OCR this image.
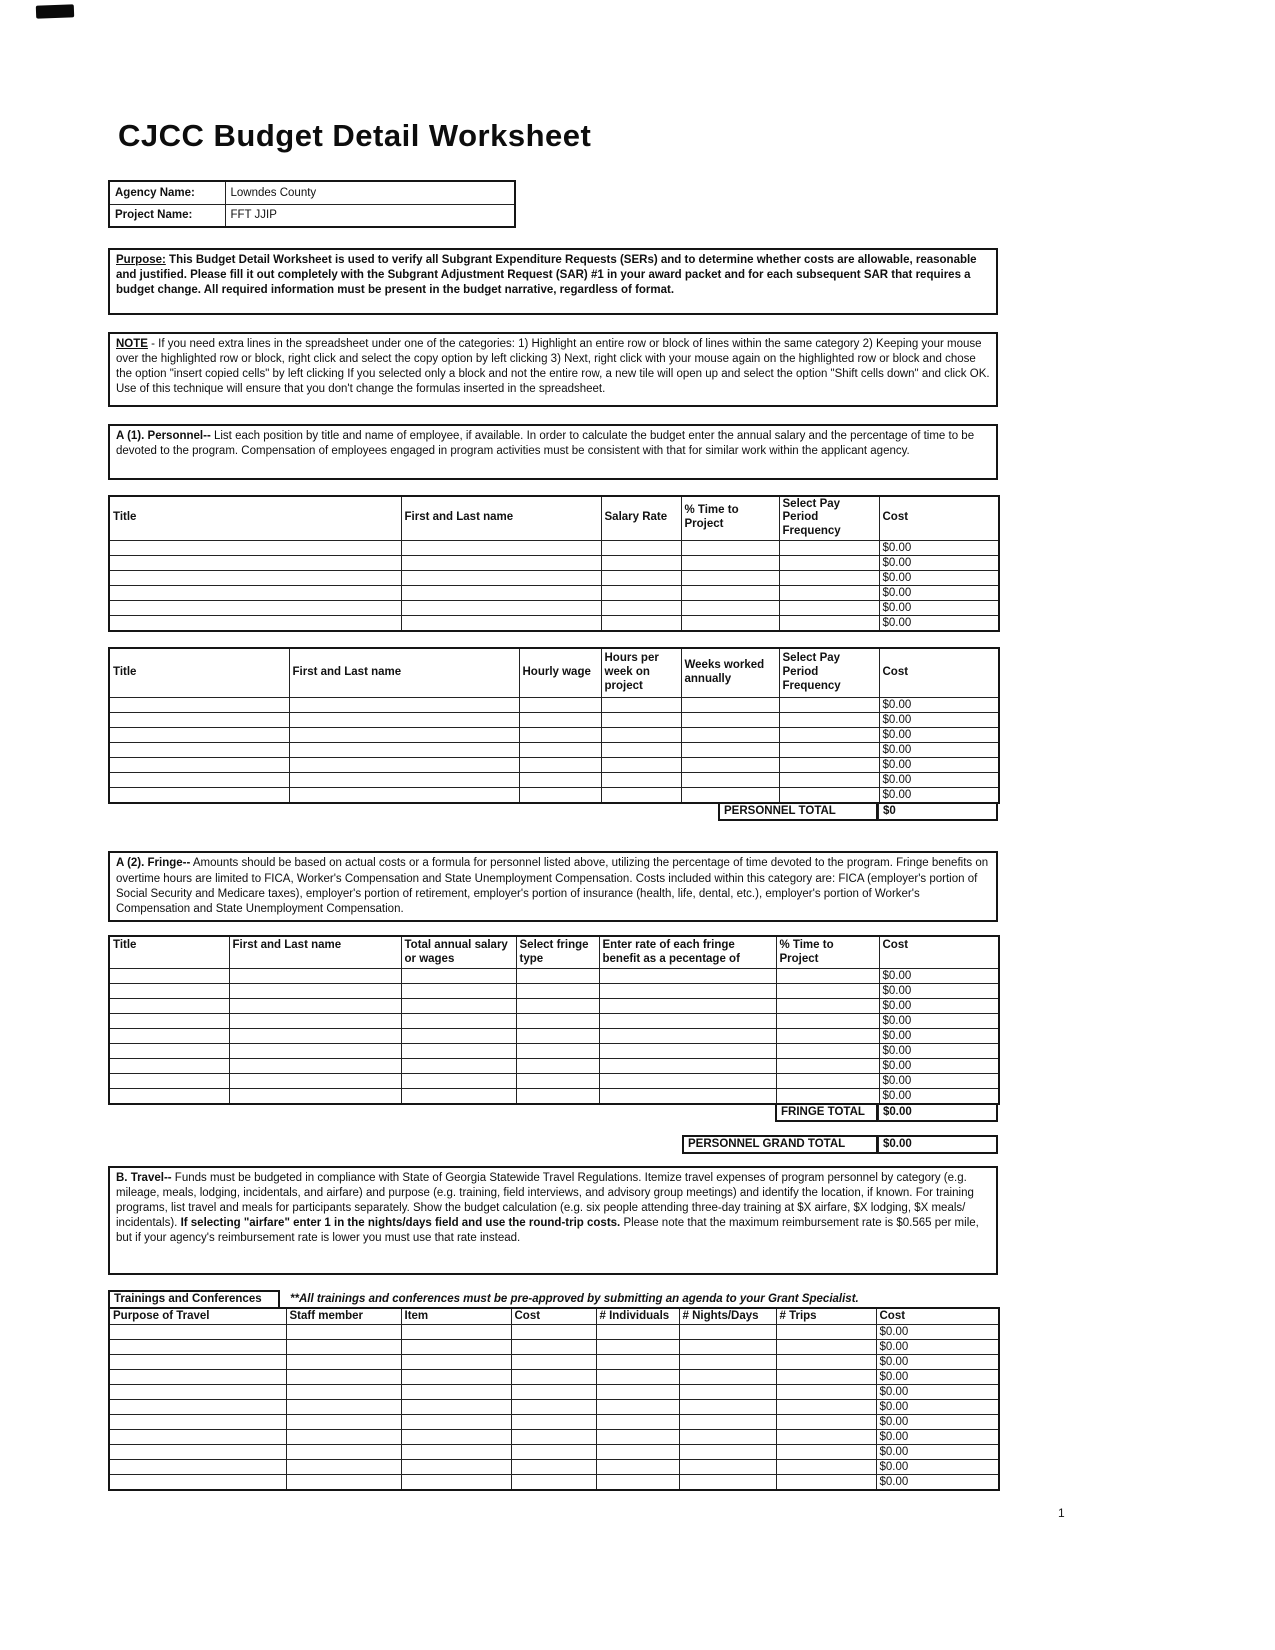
CJCC Budget Detail Worksheet
Agency Name:	Lowndes County
Project Name:	FFT JJIP
Purpose: This Budget Detail Worksheet is used to verify all Subgrant Expenditure Requests (SERs) and to determine whether costs are allowable, reasonable and justified. Please fill it out completely with the Subgrant Adjustment Request (SAR) #1 in your award packet and for each subsequent SAR that requires a budget change. All required information must be present in the budget narrative, regardless of format.
NOTE - If you need extra lines in the spreadsheet under one of the categories: 1) Highlight an entire row or block of lines within the same category 2) Keeping your mouse over the highlighted row or block, right click and select the copy option by left clicking 3) Next, right click with your mouse again on the highlighted row or block and chose the option "insert copied cells" by left clicking If you selected only a block and not the entire row, a new tile will open up and select the option "Shift cells down" and click OK. Use of this technique will ensure that you don't change the formulas inserted in the spreadsheet.
A (1). Personnel-- List each position by title and name of employee, if available. In order to calculate the budget enter the annual salary and the percentage of time to be devoted to the program. Compensation of employees engaged in program activities must be consistent with that for similar work within the applicant agency.
Title	First and Last name	Salary Rate	% Time to Project	Select Pay Period Frequency	Cost
					$0.00
					$0.00
					$0.00
					$0.00
					$0.00
					$0.00
Title	First and Last name	Hourly wage	Hours per week on project	Weeks worked annually	Select Pay Period Frequency	Cost
						$0.00
						$0.00
						$0.00
						$0.00
						$0.00
						$0.00
						$0.00
PERSONNEL TOTAL	$0
A (2). Fringe-- Amounts should be based on actual costs or a formula for personnel listed above, utilizing the percentage of time devoted to the program. Fringe benefits on overtime hours are limited to FICA, Worker's Compensation and State Unemployment Compensation. Costs included within this category are: FICA (employer's portion of Social Security and Medicare taxes), employer's portion of retirement, employer's portion of insurance (health, life, dental, etc.), employer's portion of Worker's Compensation and State Unemployment Compensation.
Title	First and Last name	Total annual salary or wages	Select fringe type	Enter rate of each fringe benefit as a pecentage of	% Time to Project	Cost
						$0.00
						$0.00
						$0.00
						$0.00
						$0.00
						$0.00
						$0.00
						$0.00
						$0.00
FRINGE TOTAL	$0.00
PERSONNEL GRAND TOTAL	$0.00
B. Travel-- Funds must be budgeted in compliance with State of Georgia Statewide Travel Regulations. Itemize travel expenses of program personnel by category (e.g. mileage, meals, lodging, incidentals, and airfare) and purpose (e.g. training, field interviews, and advisory group meetings) and identify the location, if known. For training programs, list travel and meals for participants separately. Show the budget calculation (e.g. six people attending three-day training at $X airfare, $X lodging, $X meals/ incidentals). If selecting "airfare" enter 1 in the nights/days field and use the round-trip costs. Please note that the maximum reimbursement rate is $0.565 per mile, but if your agency's reimbursement rate is lower you must use that rate instead.
Trainings and Conferences	**All trainings and conferences must be pre-approved by submitting an agenda to your Grant Specialist.
Purpose of Travel	Staff member	Item	Cost	# Individuals	# Nights/Days	# Trips	Cost
							$0.00
							$0.00
							$0.00
							$0.00
							$0.00
							$0.00
							$0.00
							$0.00
							$0.00
							$0.00
							$0.00
1
